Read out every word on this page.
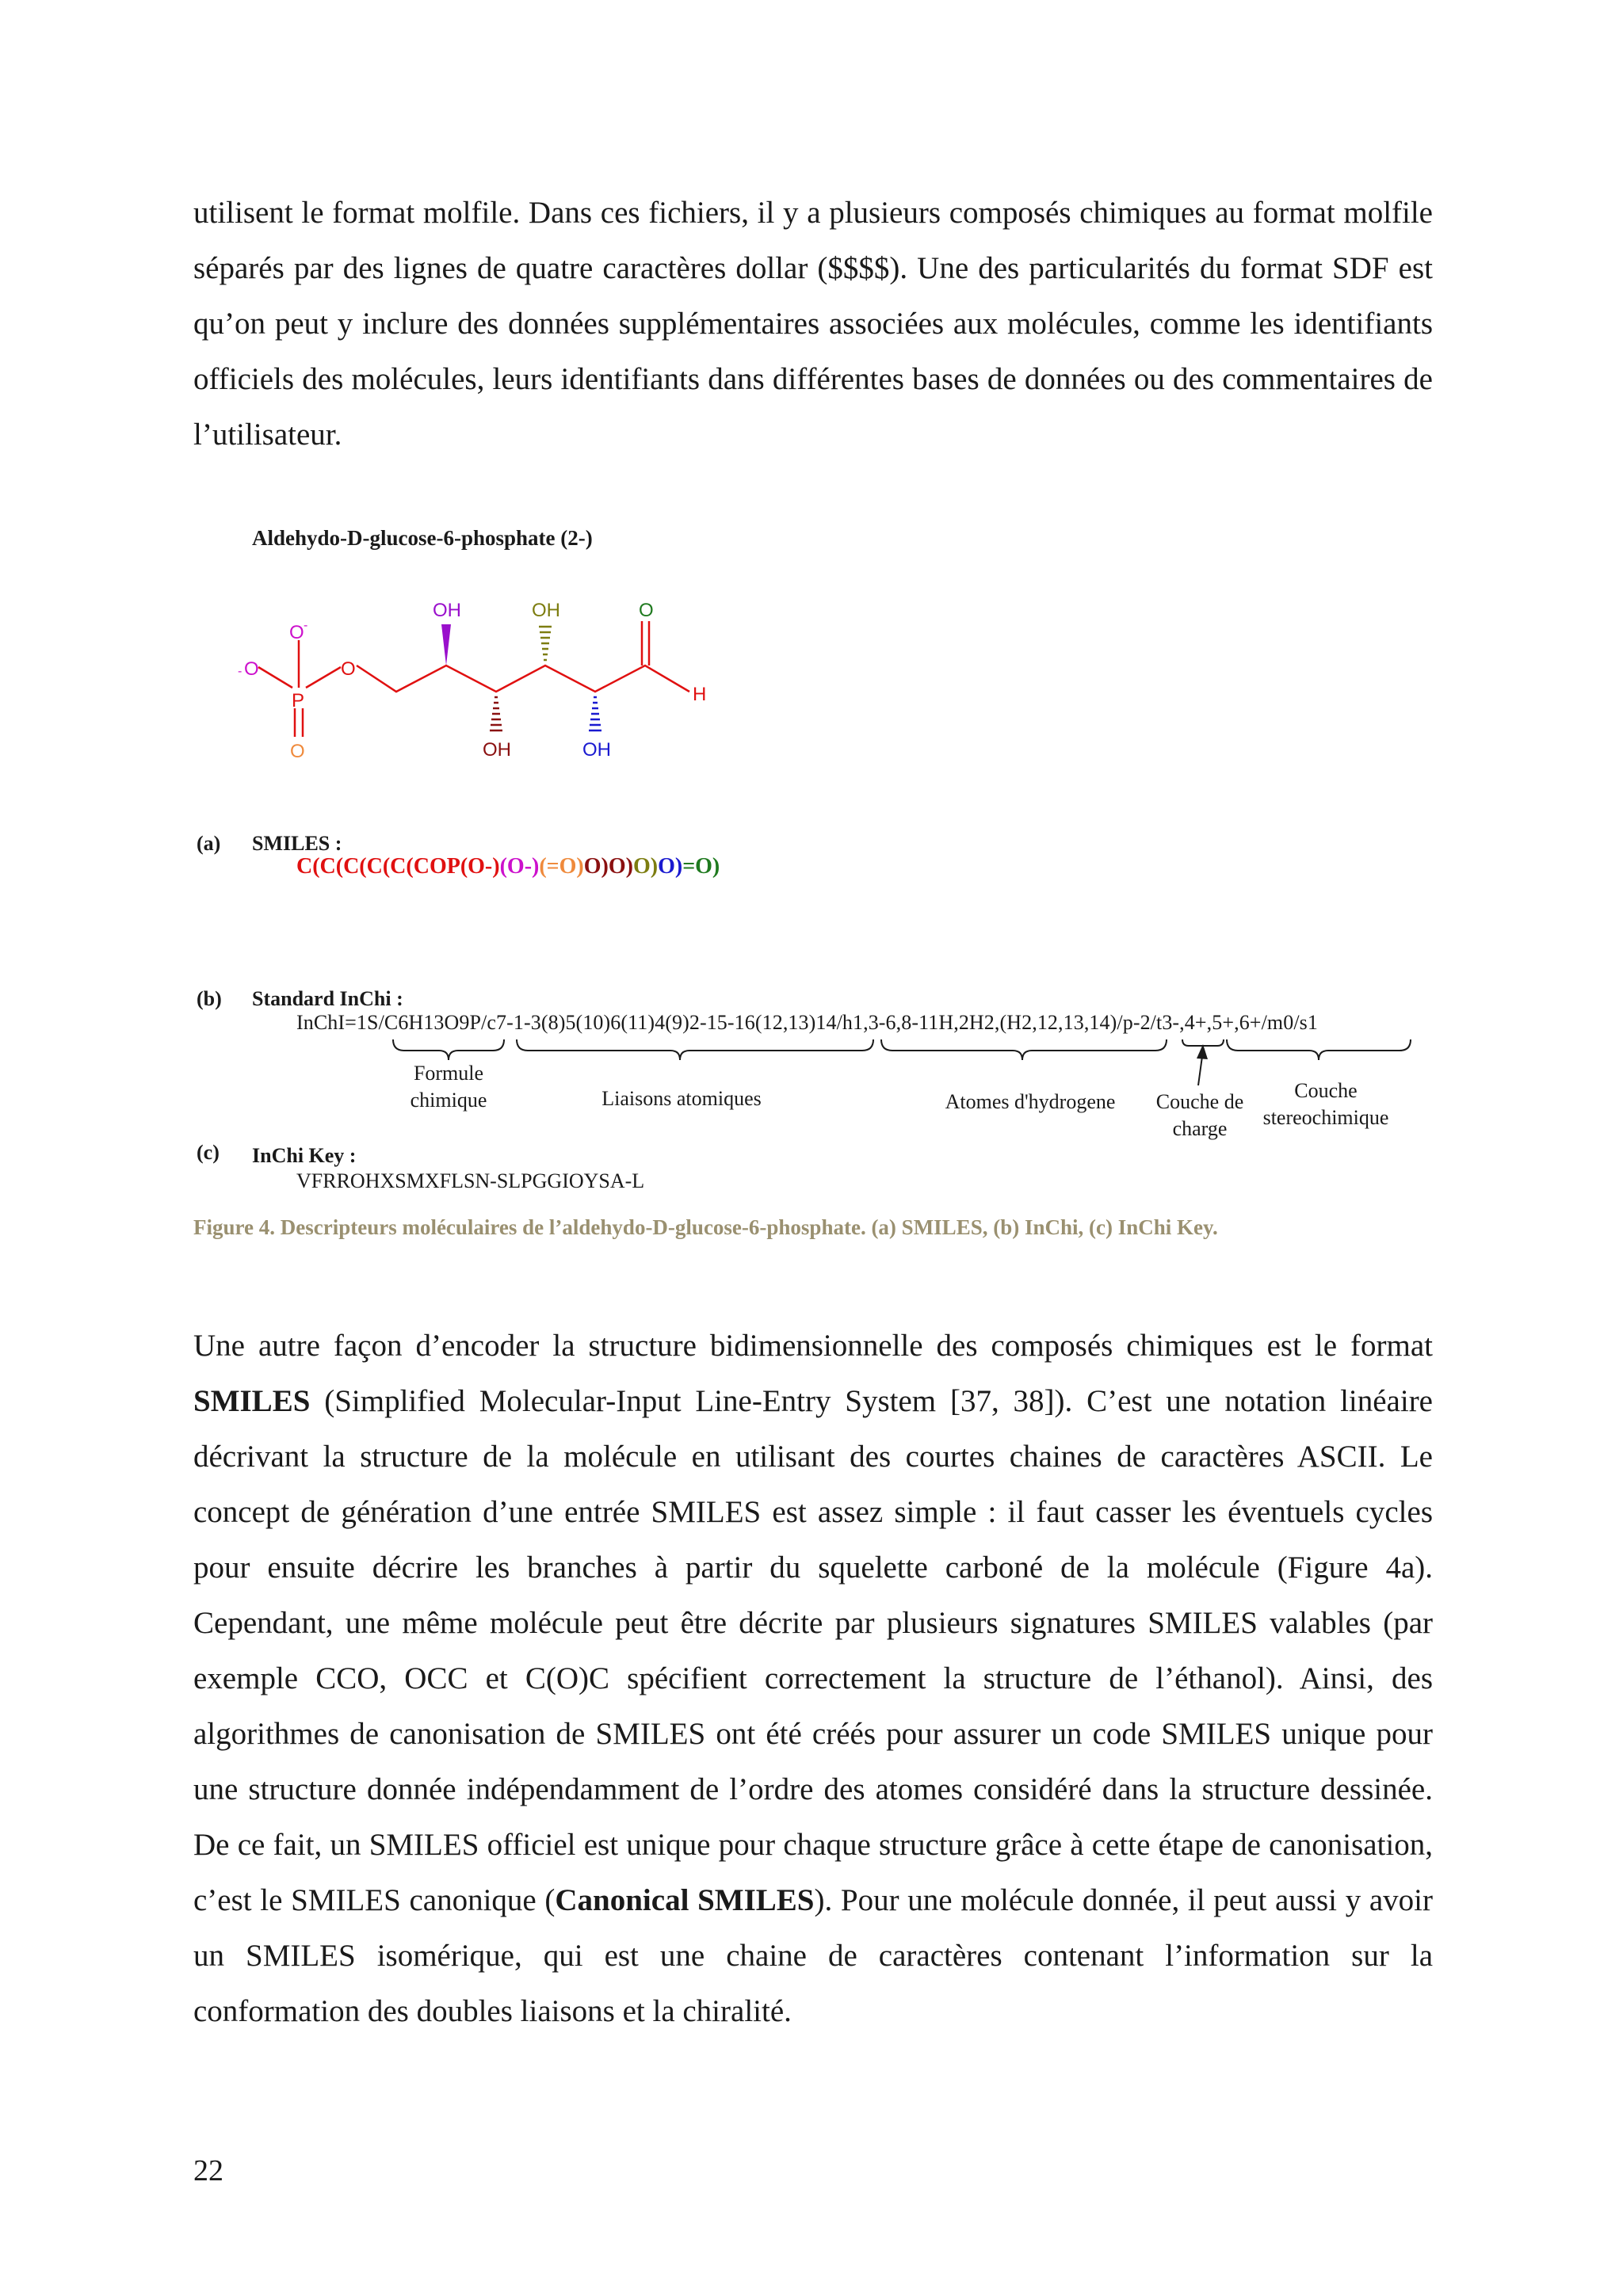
utilisent le format molfile. Dans ces fichiers, il y a plusieurs composés chimiques au format molfile séparés par des lignes de quatre caractères dollar ($$$$). Une des particularités du format SDF est qu’on peut y inclure des données supplémentaires associées aux molécules, comme les identifiants officiels des molécules, leurs identifiants dans différentes bases de données ou des commentaires de l’utilisateur.

Aldehydo-D-glucose-6-phosphate (2-)
O -
- O
P
O
O
O
H
OH
OH
OH
OH
(a) SMILES :
C(C(C(C(C(COP(O-)(O-)(=O)O)O)O)O)=O)
(b) Standard InChi :
InChI=1S/C6H13O9P/c7-1-3(8)5(10)6(11)4(9)2-15-16(12,13)14/h1,3-6,8-11H,2H2,(H2,12,13,14)/p-2/t3-,4+,5+,6+/m0/s1
Formule chimique	Liaisons atomiques	Atomes d'hydrogene	Couche de charge
Couche stereochimique
(c) InChi Key :
VFRROHXSMXFLSN-SLPGGIOYSA-L
Figure 4. Descripteurs moléculaires de l’aldehydo-D-glucose-6-phosphate. (a) SMILES, (b) InChi, (c) InChi Key.

Une autre façon d’encoder la structure bidimensionnelle des composés chimiques est le format SMILES (Simplified Molecular-Input Line-Entry System [37, 38]). C’est une notation linéaire décrivant la structure de la molécule en utilisant des courtes chaines de caractères ASCII. Le concept de génération d’une entrée SMILES est assez simple : il faut casser les éventuels cycles pour ensuite décrire les branches à partir du squelette carboné de la molécule (Figure 4a). Cependant, une même molécule peut être décrite par plusieurs signatures SMILES valables (par exemple CCO, OCC et C(O)C spécifient correctement la structure de l’éthanol). Ainsi, des algorithmes de canonisation de SMILES ont été créés pour assurer un code SMILES unique pour une structure donnée indépendamment de l’ordre des atomes considéré dans la structure dessinée. De ce fait, un SMILES officiel est unique pour chaque structure grâce à cette étape de canonisation, c’est le SMILES canonique (Canonical SMILES). Pour une molécule donnée, il peut aussi y avoir un SMILES isomérique, qui est une chaine de caractères contenant l’information sur la conformation des doubles liaisons et la chiralité.

22
